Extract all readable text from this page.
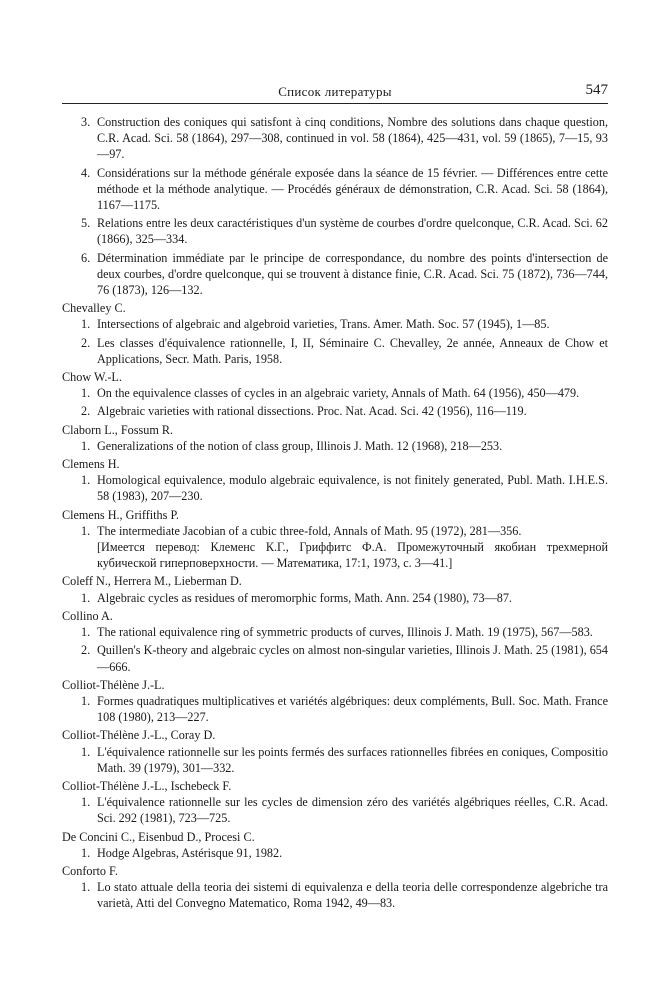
Список литературы	547
3. Construction des coniques qui satisfont à cinq conditions, Nombre des solutions dans chaque question, C.R. Acad. Sci. 58 (1864), 297—308, continued in vol. 58 (1864), 425—431, vol. 59 (1865), 7—15, 93—97.
4. Considérations sur la méthode générale exposée dans la séance de 15 février. — Différences entre cette méthode et la méthode analytique. — Procédés généraux de démonstration, C.R. Acad. Sci. 58 (1864), 1167—1175.
5. Relations entre les deux caractéristiques d'un système de courbes d'ordre quelconque, C.R. Acad. Sci. 62 (1866), 325—334.
6. Détermination immédiate par le principe de correspondance, du nombre des points d'intersection de deux courbes, d'ordre quelconque, qui se trouvent à distance finie, C.R. Acad. Sci. 75 (1872), 736—744, 76 (1873), 126—132.
Chevalley C.
1. Intersections of algebraic and algebroid varieties, Trans. Amer. Math. Soc. 57 (1945), 1—85.
2. Les classes d'équivalence rationnelle, I, II, Séminaire C. Chevalley, 2e année, Anneaux de Chow et Applications, Secr. Math. Paris, 1958.
Chow W.-L.
1. On the equivalence classes of cycles in an algebraic variety, Annals of Math. 64 (1956), 450—479.
2. Algebraic varieties with rational dissections. Proc. Nat. Acad. Sci. 42 (1956), 116—119.
Claborn L., Fossum R.
1. Generalizations of the notion of class group, Illinois J. Math. 12 (1968), 218—253.
Clemens H.
1. Homological equivalence, modulo algebraic equivalence, is not finitely generated, Publ. Math. I.H.E.S. 58 (1983), 207—230.
Clemens H., Griffiths P.
1. The intermediate Jacobian of a cubic three-fold, Annals of Math. 95 (1972), 281—356.
[Имеется перевод: Клеменс К.Г., Гриффитс Ф.А. Промежуточный якобиан трехмерной кубической гиперповерхности. — Математика, 17:1, 1973, с. 3—41.]
Coleff N., Herrera M., Lieberman D.
1. Algebraic cycles as residues of meromorphic forms, Math. Ann. 254 (1980), 73—87.
Collino A.
1. The rational equivalence ring of symmetric products of curves, Illinois J. Math. 19 (1975), 567—583.
2. Quillen's K-theory and algebraic cycles on almost non-singular varieties, Illinois J. Math. 25 (1981), 654—666.
Colliot-Thélène J.-L.
1. Formes quadratiques multiplicatives et variétés algébriques: deux compléments, Bull. Soc. Math. France 108 (1980), 213—227.
Colliot-Thélène J.-L., Coray D.
1. L'équivalence rationnelle sur les points fermés des surfaces rationnelles fibrées en coniques, Compositio Math. 39 (1979), 301—332.
Colliot-Thélène J.-L., Ischebeck F.
1. L'équivalence rationnelle sur les cycles de dimension zéro des variétés algébriques réelles, C.R. Acad. Sci. 292 (1981), 723—725.
De Concini C., Eisenbud D., Procesi C.
1. Hodge Algebras, Astérisque 91, 1982.
Conforto F.
1. Lo stato attuale della teoria dei sistemi di equivalenza e della teoria delle correspondenze algebriche tra varietà, Atti del Convegno Matematico, Roma 1942, 49—83.
